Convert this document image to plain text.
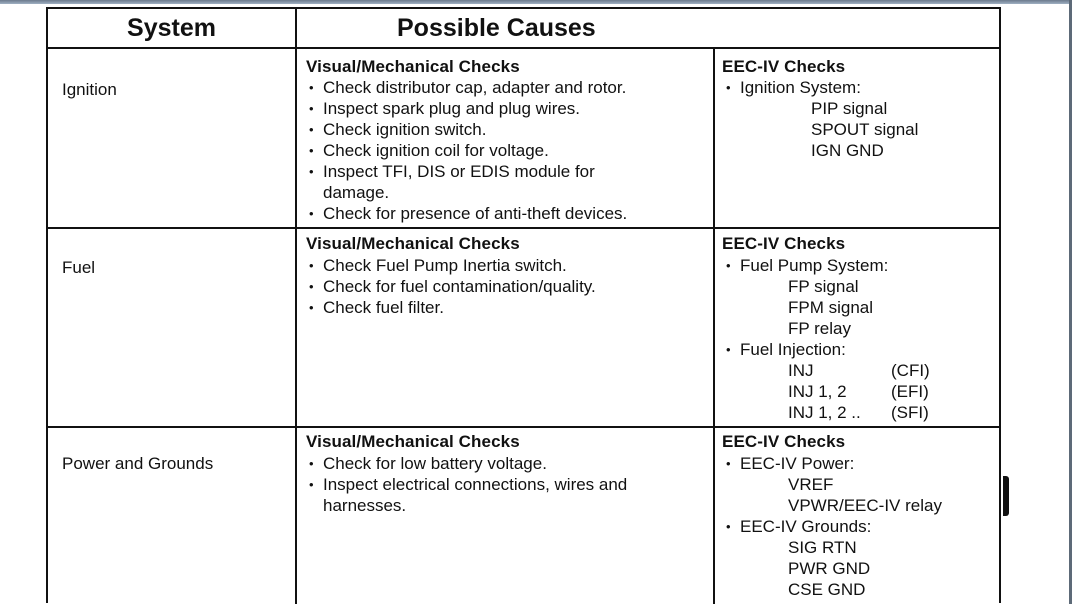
System	Possible Causes
Ignition
Visual/Mechanical Checks
• Check distributor cap, adapter and rotor.
• Inspect spark plug and plug wires.
• Check ignition switch.
• Check ignition coil for voltage.
• Inspect TFI, DIS or EDIS module for
damage.
• Check for presence of anti-theft devices.
EEC-IV Checks
• Ignition System:
PIP signal
SPOUT signal
IGN GND
Fuel
Visual/Mechanical Checks
• Check Fuel Pump Inertia switch.
• Check for fuel contamination/quality.
• Check fuel filter.
EEC-IV Checks
• Fuel Pump System:
FP signal
FPM signal
FP relay
• Fuel Injection:
INJ	(CFI)
INJ 1, 2	(EFI)
INJ 1, 2 .. (SFI)
Power and Grounds
Visual/Mechanical Checks
• Check for low battery voltage.
• Inspect electrical connections, wires and
harnesses.
EEC-IV Checks
• EEC-IV Power:
VREF
VPWR/EEC-IV relay
• EEC-IV Grounds:
SIG RTN
PWR GND
CSE GND
